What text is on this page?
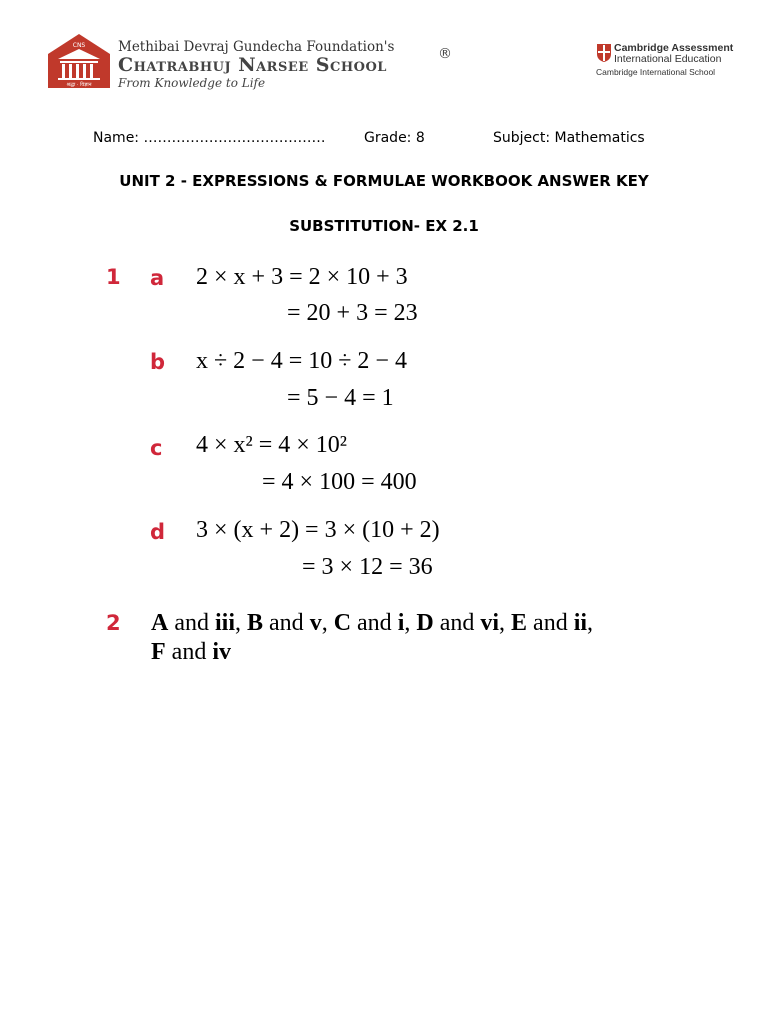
CNS
श्रद्धा · विज्ञान
Methibai Devraj Gundecha Foundation's
Chatrabhuj Narsee School	®
From Knowledge to Life
Cambridge Assessment
International Education
Cambridge International School
Name: …………………………………	Grade: 8	Subject: Mathematics
UNIT 2 - EXPRESSIONS & FORMULAE WORKBOOK ANSWER KEY
SUBSTITUTION- EX 2.1
1 a 2 × x + 3 = 2 × 10 + 3
= 20 + 3 = 23
b x ÷ 2 − 4 = 10 ÷ 2 − 4
= 5 − 4 = 1
c 4 × x² = 4 × 10²
= 4 × 100 = 400
d 3 × (x + 2) = 3 × (10 + 2)
= 3 × 12 = 36
2 A and iii, B and v, C and i, D and vi, E and ii,
F and iv
